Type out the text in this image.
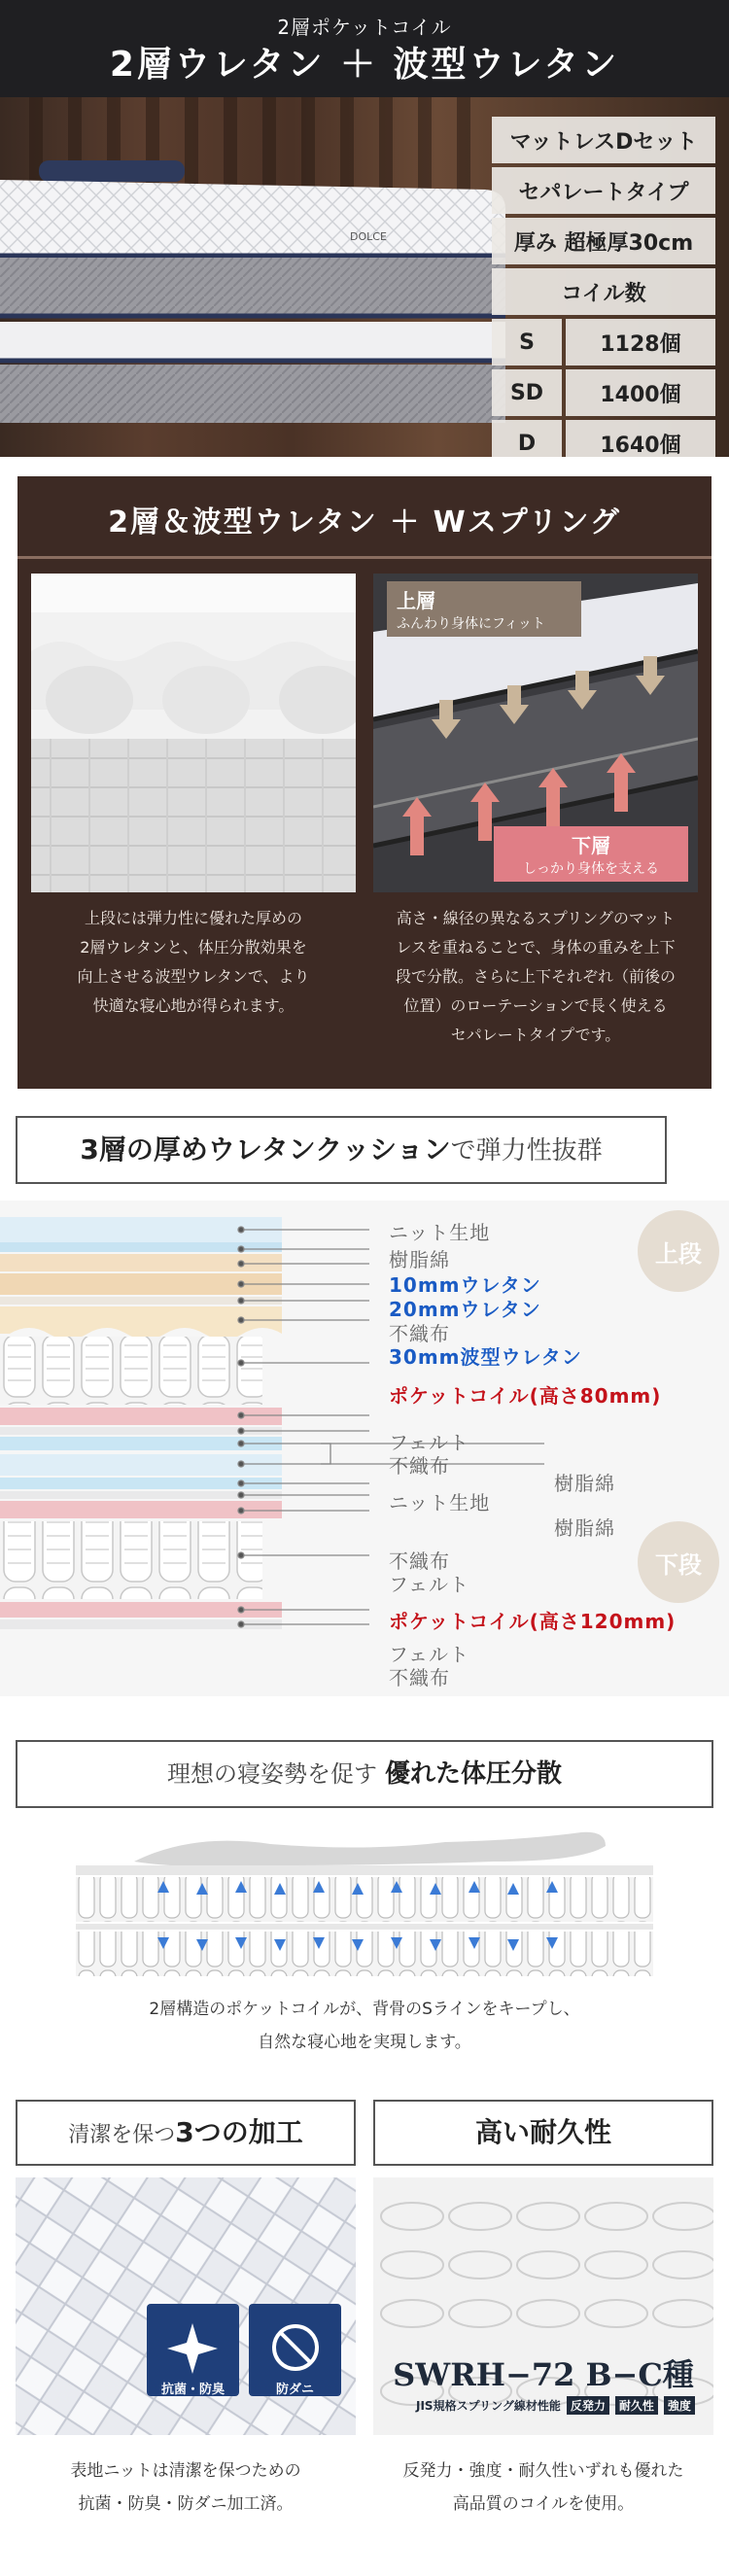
2層ポケットコイル
2層ウレタン ＋ 波型ウレタン
DOLCE
マットレスDセット
セパレートタイプ
厚み 超極厚30cm
コイル数
S	1128個
SD	1400個
D	1640個
2層＆波型ウレタン ＋ Wスプリング
上層
ふんわり身体にフィット
下層
しっかり身体を支える
上段には弾力性に優れた厚めの
2層ウレタンと、体圧分散効果を
向上させる波型ウレタンで、より
快適な寝心地が得られます。
高さ・線径の異なるスプリングのマット
レスを重ねることで、身体の重みを上下
段で分散。さらに上下それぞれ（前後の
位置）のローテーションで長く使える
セパレートタイプです。
3層の厚めウレタンクッションで弾力性抜群
上段
下段
ニット生地
樹脂綿
10mmウレタン
20mmウレタン
不織布
30mm波型ウレタン
ポケットコイル(高さ80mm)
フェルト
不織布
樹脂綿
ニット生地
樹脂綿
不織布
フェルト
ポケットコイル(高さ120mm)
フェルト
不織布
理想の寝姿勢を促す 優れた体圧分散
2層構造のポケットコイルが、背骨のSラインをキープし、
自然な寝心地を実現します。
清潔を保つ3つの加工	高い耐久性
抗菌・防臭	防ダニ	SWRH−72 B−C種
JIS規格スプリング線材性能 反発力	耐久性	強度
表地ニットは清潔を保つための
抗菌・防臭・防ダニ加工済。
反発力・強度・耐久性いずれも優れた
高品質のコイルを使用。
